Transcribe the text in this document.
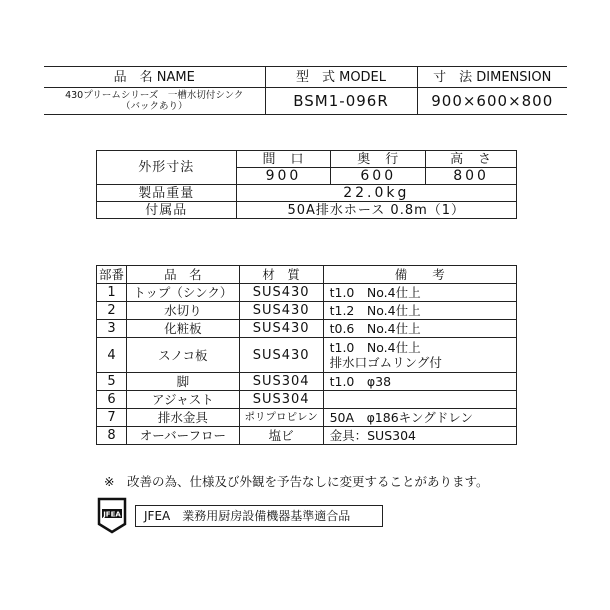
品　名 NAME	型　式 MODEL	寸　法 DIMENSION

430プリームシリーズ　一槽水切付シンク
（バックあり）	BSM1-096R	900×600×800
外形寸法	間　口	奥　行	高　さ
	900	600	800
製品重量	22.0kg		
付属品	50A排水ホース 0.8m（1）		
部番	品　名	材　質	備　　考
1	トップ（シンク）	SUS430	t1.0　No.4仕上
2	水切り	SUS430	t1.2　No.4仕上
3	化粧板	SUS430	t0.6　No.4仕上
4	スノコ板	SUS430	t1.0　No.4仕上
排水口ゴムリング付

5	脚	SUS304	t1.0　φ38
6	アジャスト	SUS304	
7	排水金具	ポリプロピレン	50A　φ186キングドレン
8	オーバーフロー	塩ビ	金具：SUS304
※　改善の為、仕様及び外観を予告なしに変更することがあります。
JFEA	JFEA　業務用厨房設備機器基準適合品
